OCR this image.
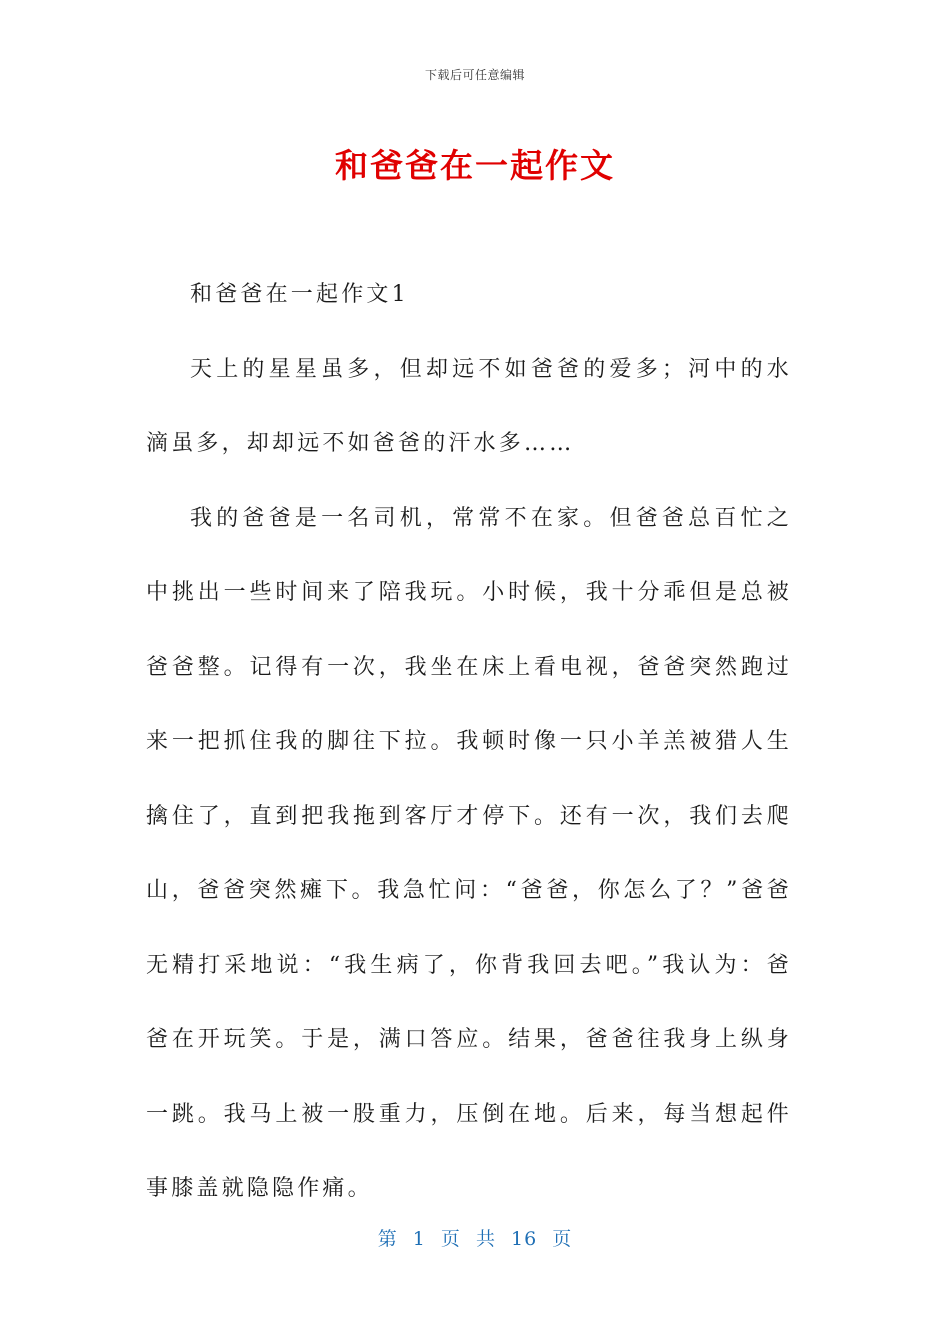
下载后可任意编辑
和爸爸在一起作文

和爸爸在一起作文1

天上的星星虽多，但却远不如爸爸的爱多；河中的水滴虽多，却却远不如爸爸的汗水多……

我的爸爸是一名司机，常常不在家。但爸爸总百忙之中挑出一些时间来了陪我玩。小时候，我十分乖但是总被爸爸整。记得有一次，我坐在床上看电视，爸爸突然跑过来一把抓住我的脚往下拉。我顿时像一只小羊羔被猎人生擒住了，直到把我拖到客厅才停下。还有一次，我们去爬山，爸爸突然瘫下。我急忙问：“爸爸，你怎么了？”爸爸无精打采地说：“我生病了，你背我回去吧。”我认为：爸爸在开玩笑。于是，满口答应。结果，爸爸往我身上纵身一跳。我马上被一股重力，压倒在地。后来，每当想起件事膝盖就隐隐作痛。

第 1 页 共 16 页
